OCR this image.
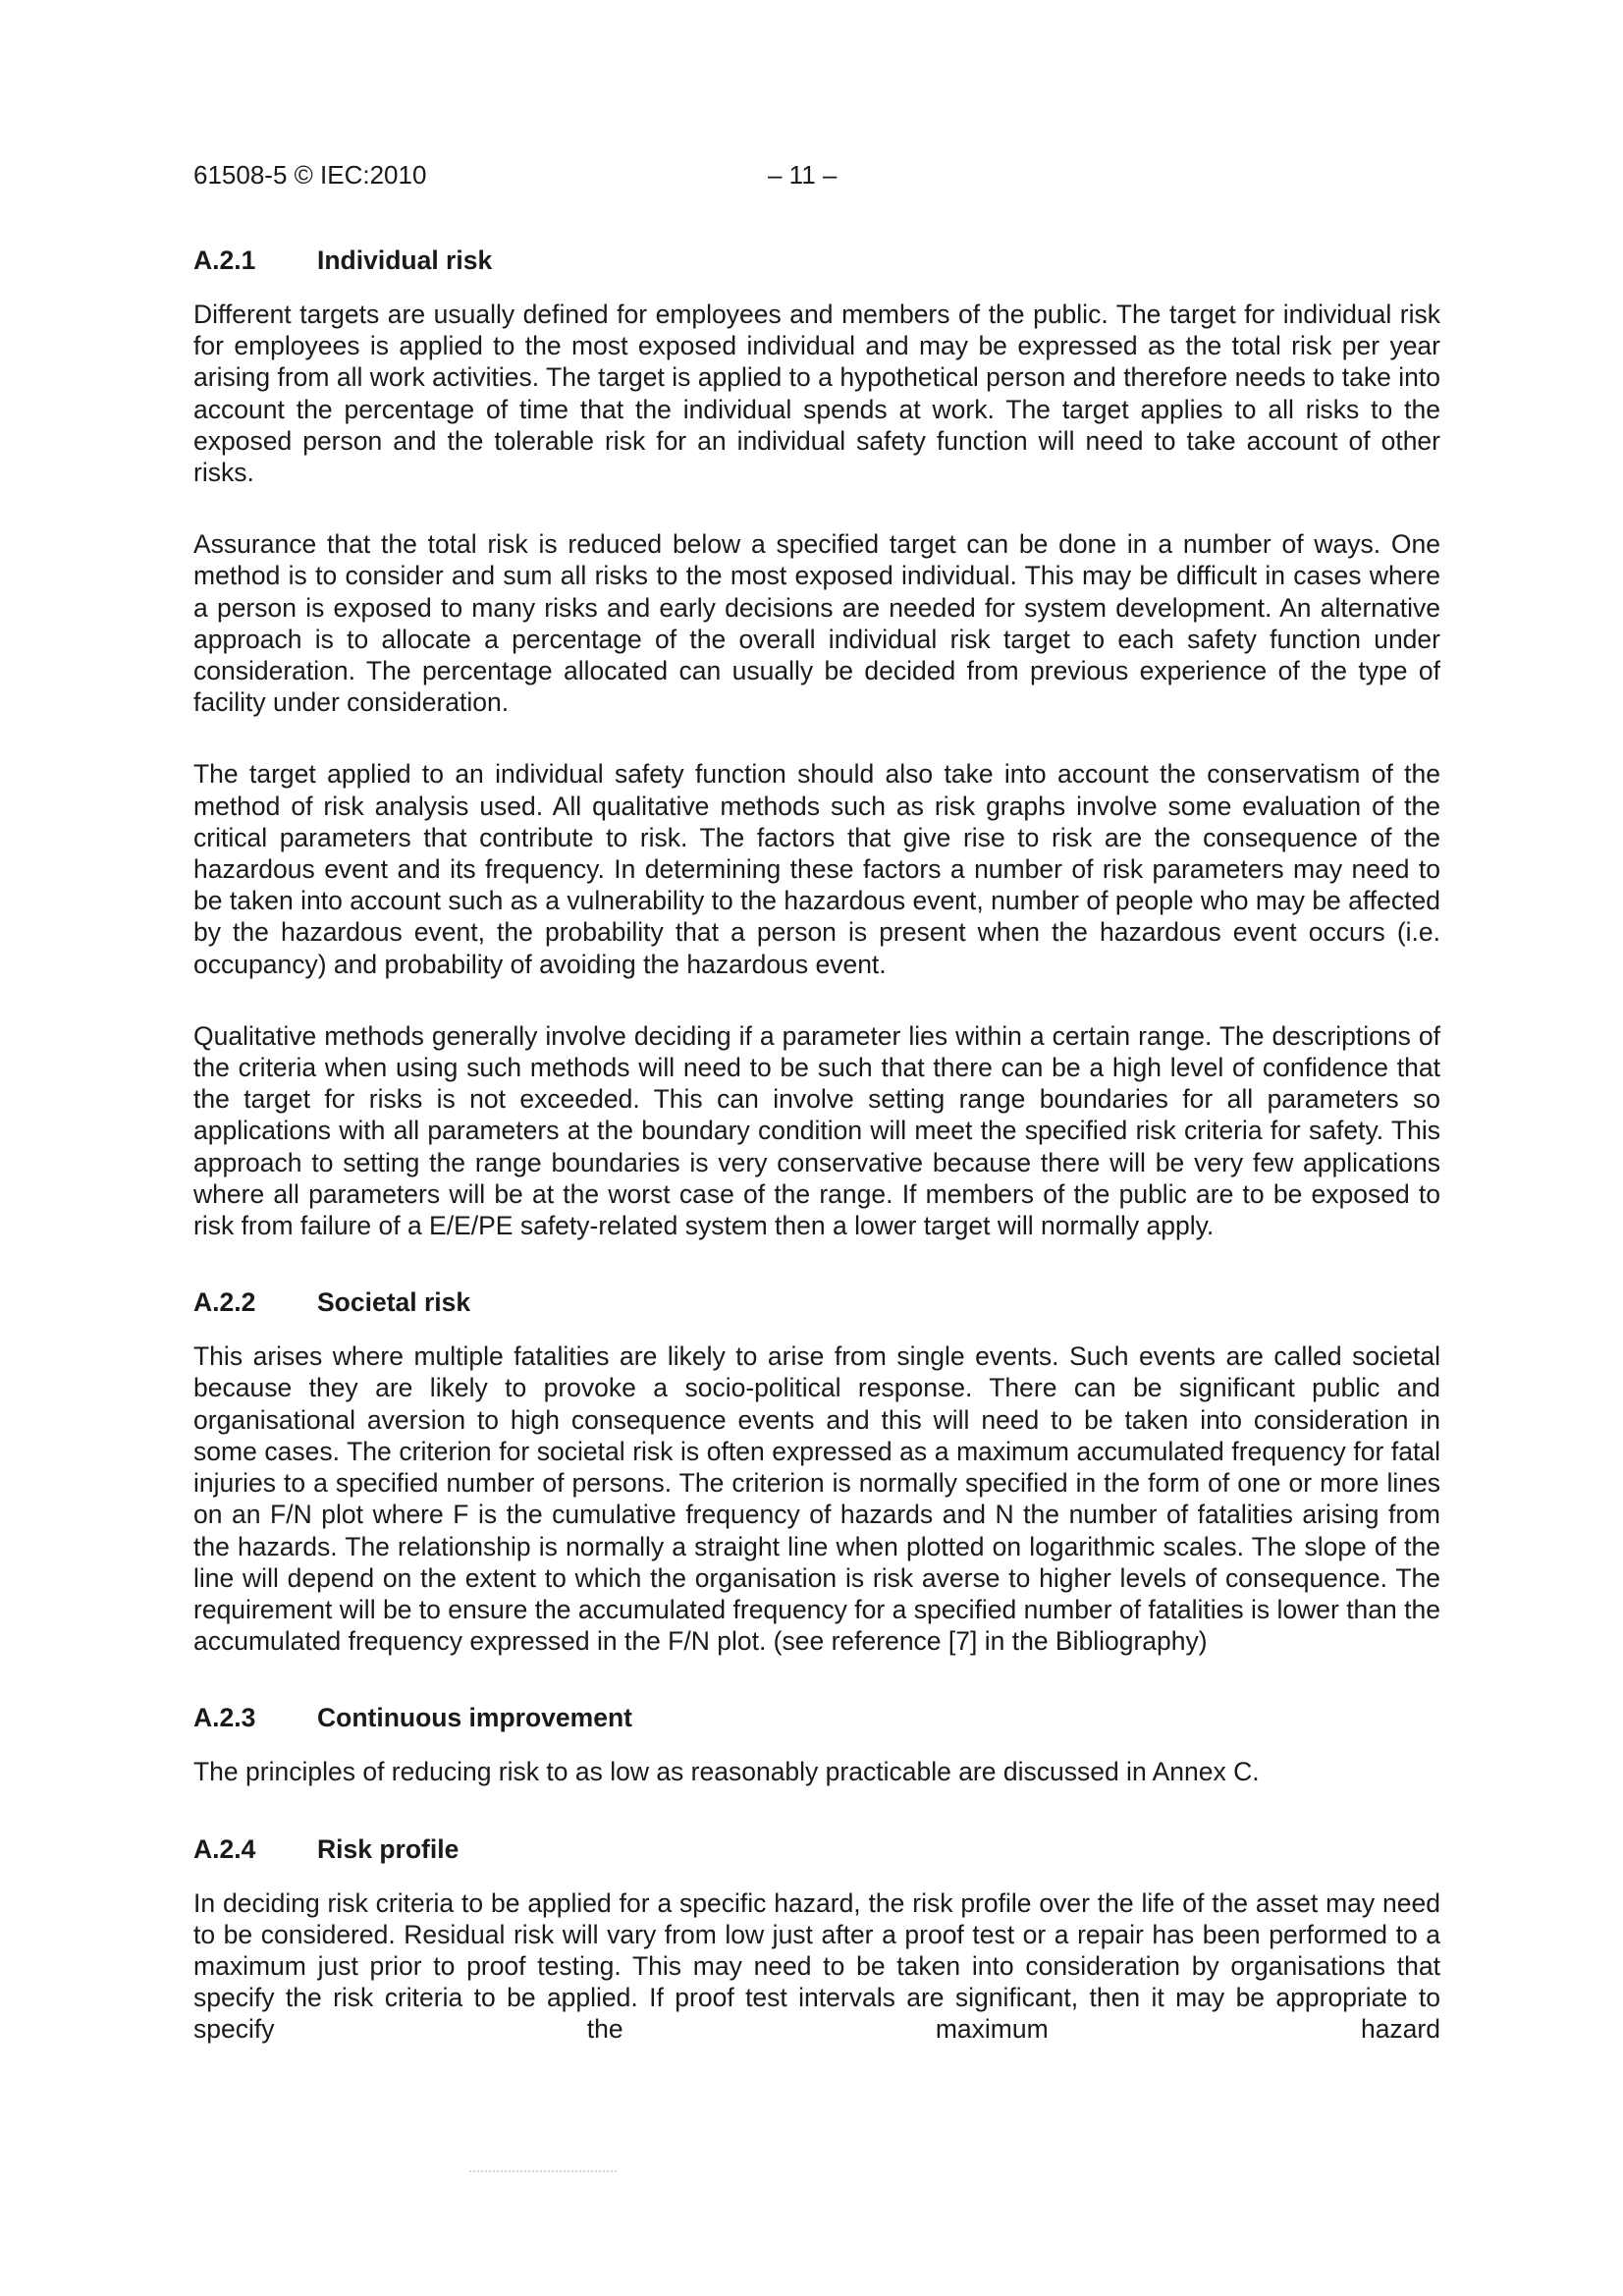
61508-5 © IEC:2010	– 11 –
A.2.1	Individual risk

Different targets are usually defined for employees and members of the public. The target for individual risk for employees is applied to the most exposed individual and may be expressed as the total risk per year arising from all work activities. The target is applied to a hypothetical person and therefore needs to take into account the percentage of time that the individual spends at work. The target applies to all risks to the exposed person and the tolerable risk for an individual safety function will need to take account of other risks.

Assurance that the total risk is reduced below a specified target can be done in a number of ways. One method is to consider and sum all risks to the most exposed individual. This may be difficult in cases where a person is exposed to many risks and early decisions are needed for system development. An alternative approach is to allocate a percentage of the overall individual risk target to each safety function under consideration. The percentage allocated can usually be decided from previous experience of the type of facility under consideration.

The target applied to an individual safety function should also take into account the conservatism of the method of risk analysis used. All qualitative methods such as risk graphs involve some evaluation of the critical parameters that contribute to risk. The factors that give rise to risk are the consequence of the hazardous event and its frequency. In determining these factors a number of risk parameters may need to be taken into account such as a vulnerability to the hazardous event, number of people who may be affected by the hazardous event, the probability that a person is present when the hazardous event occurs (i.e. occupancy) and probability of avoiding the hazardous event.

Qualitative methods generally involve deciding if a parameter lies within a certain range. The descriptions of the criteria when using such methods will need to be such that there can be a high level of confidence that the target for risks is not exceeded. This can involve setting range boundaries for all parameters so applications with all parameters at the boundary condition will meet the specified risk criteria for safety. This approach to setting the range boundaries is very conservative because there will be very few applications where all parameters will be at the worst case of the range. If members of the public are to be exposed to risk from failure of a E/E/PE safety-related system then a lower target will normally apply.

A.2.2	Societal risk

This arises where multiple fatalities are likely to arise from single events. Such events are called societal because they are likely to provoke a socio-political response. There can be significant public and organisational aversion to high consequence events and this will need to be taken into consideration in some cases. The criterion for societal risk is often expressed as a maximum accumulated frequency for fatal injuries to a specified number of persons. The criterion is normally specified in the form of one or more lines on an F/N plot where F is the cumulative frequency of hazards and N the number of fatalities arising from the hazards. The relationship is normally a straight line when plotted on logarithmic scales. The slope of the line will depend on the extent to which the organisation is risk averse to higher levels of consequence. The requirement will be to ensure the accumulated frequency for a specified number of fatalities is lower than the accumulated frequency expressed in the F/N plot. (see reference [7] in the Bibliography)

A.2.3	Continuous improvement

The principles of reducing risk to as low as reasonably practicable are discussed in Annex C.

A.2.4	Risk profile

In deciding risk criteria to be applied for a specific hazard, the risk profile over the life of the asset may need to be considered. Residual risk will vary from low just after a proof test or a repair has been performed to a maximum just prior to proof testing. This may need to be taken into consideration by organisations that specify the risk criteria to be applied. If proof test intervals are significant, then it may be appropriate to specify the maximum hazard
